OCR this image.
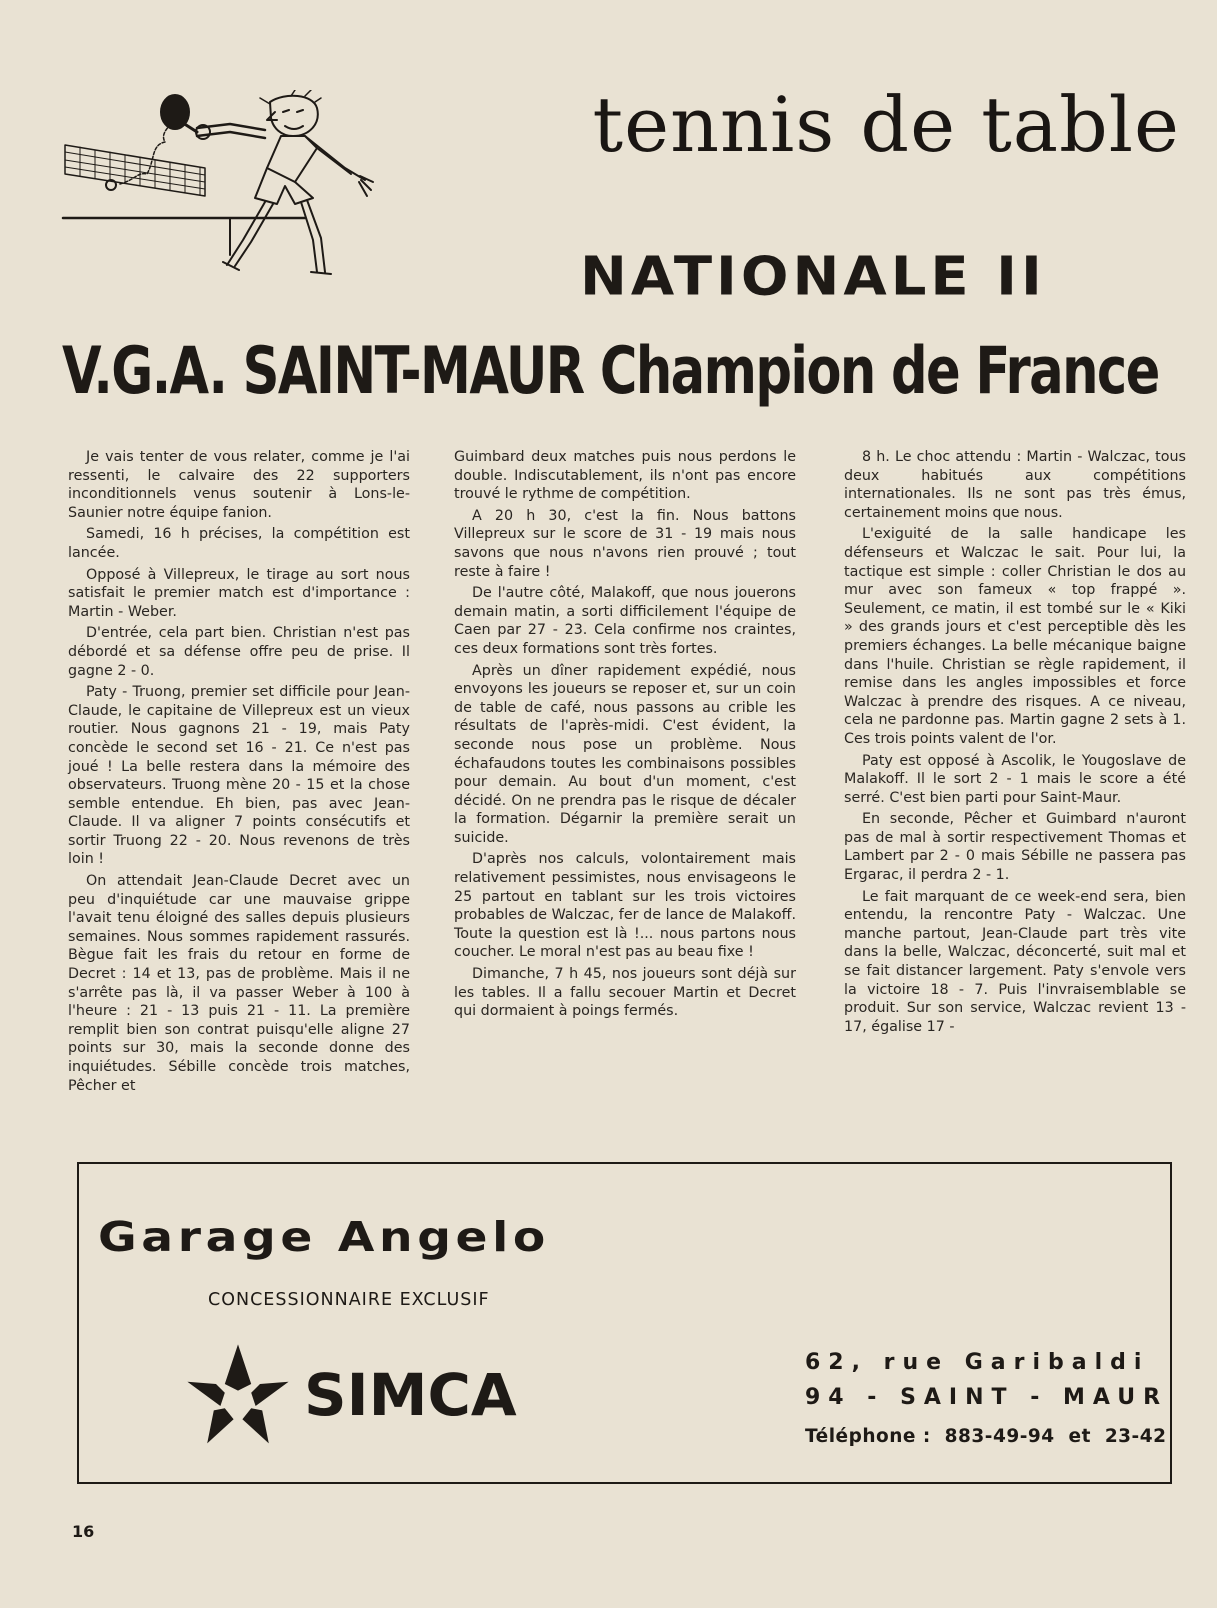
tennis de table
NATIONALE II
V.G.A. SAINT-MAUR Champion de France

Je vais tenter de vous relater, comme je l'ai ressenti, le calvaire des 22 supporters inconditionnels venus soutenir à Lons-le-Saunier notre équipe fanion.

Samedi, 16 h précises, la compétition est lancée.

Opposé à Villepreux, le tirage au sort nous satisfait le premier match est d'importance : Martin - Weber.

D'entrée, cela part bien. Christian n'est pas débordé et sa défense offre peu de prise. Il gagne 2 - 0.

Paty - Truong, premier set difficile pour Jean-Claude, le capitaine de Villepreux est un vieux routier. Nous gagnons 21 - 19, mais Paty concède le second set 16 - 21. Ce n'est pas joué ! La belle restera dans la mémoire des observateurs. Truong mène 20 - 15 et la chose semble entendue. Eh bien, pas avec Jean-Claude. Il va aligner 7 points consécutifs et sortir Truong 22 - 20. Nous revenons de très loin !

On attendait Jean-Claude Decret avec un peu d'inquiétude car une mauvaise grippe l'avait tenu éloigné des salles depuis plusieurs semaines. Nous sommes rapidement rassurés. Bègue fait les frais du retour en forme de Decret : 14 et 13, pas de problème. Mais il ne s'arrête pas là, il va passer Weber à 100 à l'heure : 21 - 13 puis 21 - 11. La première remplit bien son contrat puisqu'elle aligne 27 points sur 30, mais la seconde donne des inquiétudes. Sébille concède trois matches, Pêcher et

Guimbard deux matches puis nous perdons le double. Indiscutablement, ils n'ont pas encore trouvé le rythme de compétition.

A 20 h 30, c'est la fin. Nous battons Villepreux sur le score de 31 - 19 mais nous savons que nous n'avons rien prouvé ; tout reste à faire !

De l'autre côté, Malakoff, que nous jouerons demain matin, a sorti difficilement l'équipe de Caen par 27 - 23. Cela confirme nos craintes, ces deux formations sont très fortes.

Après un dîner rapidement expédié, nous envoyons les joueurs se reposer et, sur un coin de table de café, nous passons au crible les résultats de l'après-midi. C'est évident, la seconde nous pose un problème. Nous échafaudons toutes les combinaisons possibles pour demain. Au bout d'un moment, c'est décidé. On ne prendra pas le risque de décaler la formation. Dégarnir la première serait un suicide.

D'après nos calculs, volontairement mais relativement pessimistes, nous envisageons le 25 partout en tablant sur les trois victoires probables de Walczac, fer de lance de Malakoff. Toute la question est là !... nous partons nous coucher. Le moral n'est pas au beau fixe !

Dimanche, 7 h 45, nos joueurs sont déjà sur les tables. Il a fallu secouer Martin et Decret qui dormaient à poings fermés.

8 h. Le choc attendu : Martin - Walczac, tous deux habitués aux compétitions internationales. Ils ne sont pas très émus, certainement moins que nous.

L'exiguité de la salle handicape les défenseurs et Walczac le sait. Pour lui, la tactique est simple : coller Christian le dos au mur avec son fameux « top frappé ». Seulement, ce matin, il est tombé sur le « Kiki » des grands jours et c'est perceptible dès les premiers échanges. La belle mécanique baigne dans l'huile. Christian se règle rapidement, il remise dans les angles impossibles et force Walczac à prendre des risques. A ce niveau, cela ne pardonne pas. Martin gagne 2 sets à 1. Ces trois points valent de l'or.

Paty est opposé à Ascolik, le Yougoslave de Malakoff. Il le sort 2 - 1 mais le score a été serré. C'est bien parti pour Saint-Maur.

En seconde, Pêcher et Guimbard n'auront pas de mal à sortir respectivement Thomas et Lambert par 2 - 0 mais Sébille ne passera pas Ergarac, il perdra 2 - 1.

Le fait marquant de ce week-end sera, bien entendu, la rencontre Paty - Walczac. Une manche partout, Jean-Claude part très vite dans la belle, Walczac, déconcerté, suit mal et se fait distancer largement. Paty s'envole vers la victoire 18 - 7. Puis l'invraisemblable se produit. Sur son service, Walczac revient 13 - 17, égalise 17 -

Garage Angelo
CONCESSIONNAIRE EXCLUSIF
SIMCA	62, rue Garibaldi
94 - SAINT - MAUR
Téléphone : 883-49-94 et 23-42
16
